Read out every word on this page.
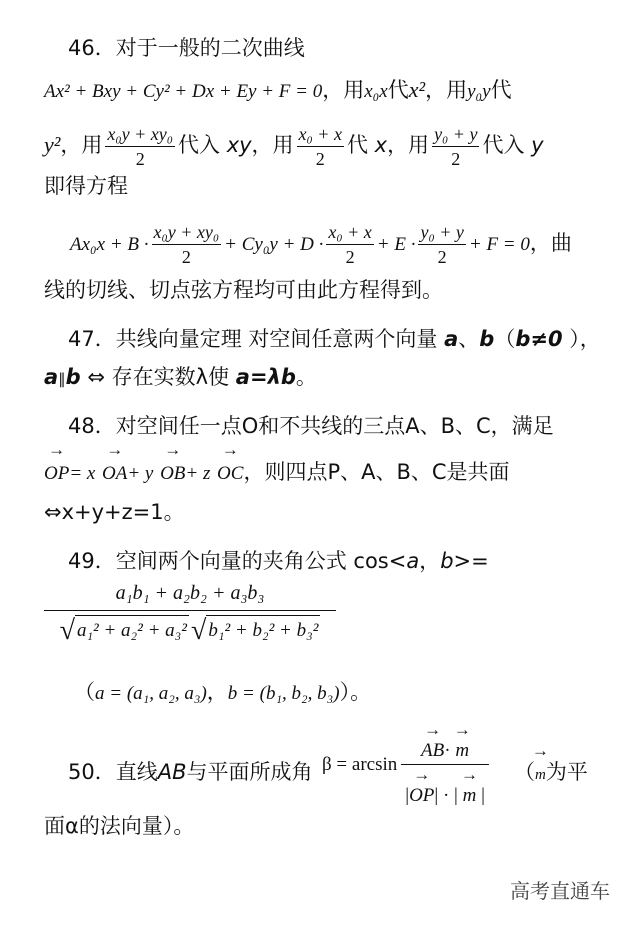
46．对于一般的二次曲线
Ax² + Bxy + Cy² + Dx + Ey + F = 0，用x₀x代x²，用y₀y代
y²，用 $\frac{\text{x₀y + xy₀}}{2}$ 代入 xy，用 $\frac{\text{x₀ + x}}{2}$ 代 x，用 $\frac{\text{y₀ + y}}{2}$ 代入 y
即得方程
$Ax_0x + B \cdot \frac{\text{x₀y + xy₀}}{2} + Cy_0y + D \cdot \frac{\text{x₀ + x}}{2} + E \cdot \frac{\text{y₀ + y}}{2} + F = 0$，曲
线的切线、切点弦方程均可由此方程得到。
47．共线向量定理 对空间任意两个向量 a、b（b≠0 ），
a∥b ⇔ 存在实数λ使 a=λb。
48．对空间任一点O和不共线的三点A、B、C，满足
→ OP= x → OA+ y → OB+ z → OC，则四点P、A、B、C是共面
⇔x+y+z=1。
49．空间两个向量的夹角公式 cos<a，b>=
$\frac{\text{a₁b₁ + a₂b₂ + a₃b₃}}{\text{√ a₁² + a₂² + a₃² √ b₁² + b₂² + b₃²}}$
（a = (a₁, a₂, a₃)，b = (b₁, b₂, b₃)）。
50．直线AB与平面所成角 β = arcsin
→ AB· → m
|→ OP| · | → m |
（→ m为平
面α的法向量）。
高考直通车
